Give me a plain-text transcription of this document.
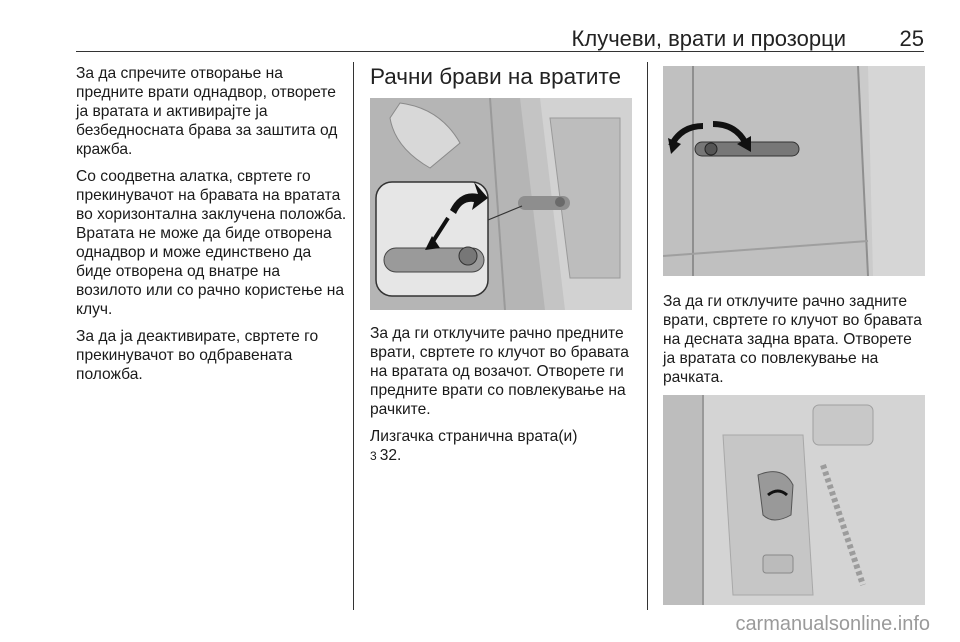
Клучеви, врати и прозорци 25

За да спречите отворање на предните врати однадвор, отворете ја вратата и активирајте ја безбедносната брава за заштита од кражба.

Со соодветна алатка, свртете го прекинувачот на бравата на вратата во хоризонтална заклучена положба. Вратата не може да биде отворена однадвор и може единствено да биде отворена од внатре на возилото или со рачно користење на клуч.

За да ја деактивирате, свртете го прекинувачот во одбравената положба.

Рачни брави на вратите

За да ги отклучите рачно предните врати, свртете го клучот во бравата на вратата од возачот. Отворете ги предните врати со повлекување на рачките.

Лизгачка странична врата(и)
3 32.

За да ги отклучите рачно задните врати, свртете го клучот во бравата на десната задна врата. Отворете ја вратата со повлекување на рачката.

carmanualsonline.info
